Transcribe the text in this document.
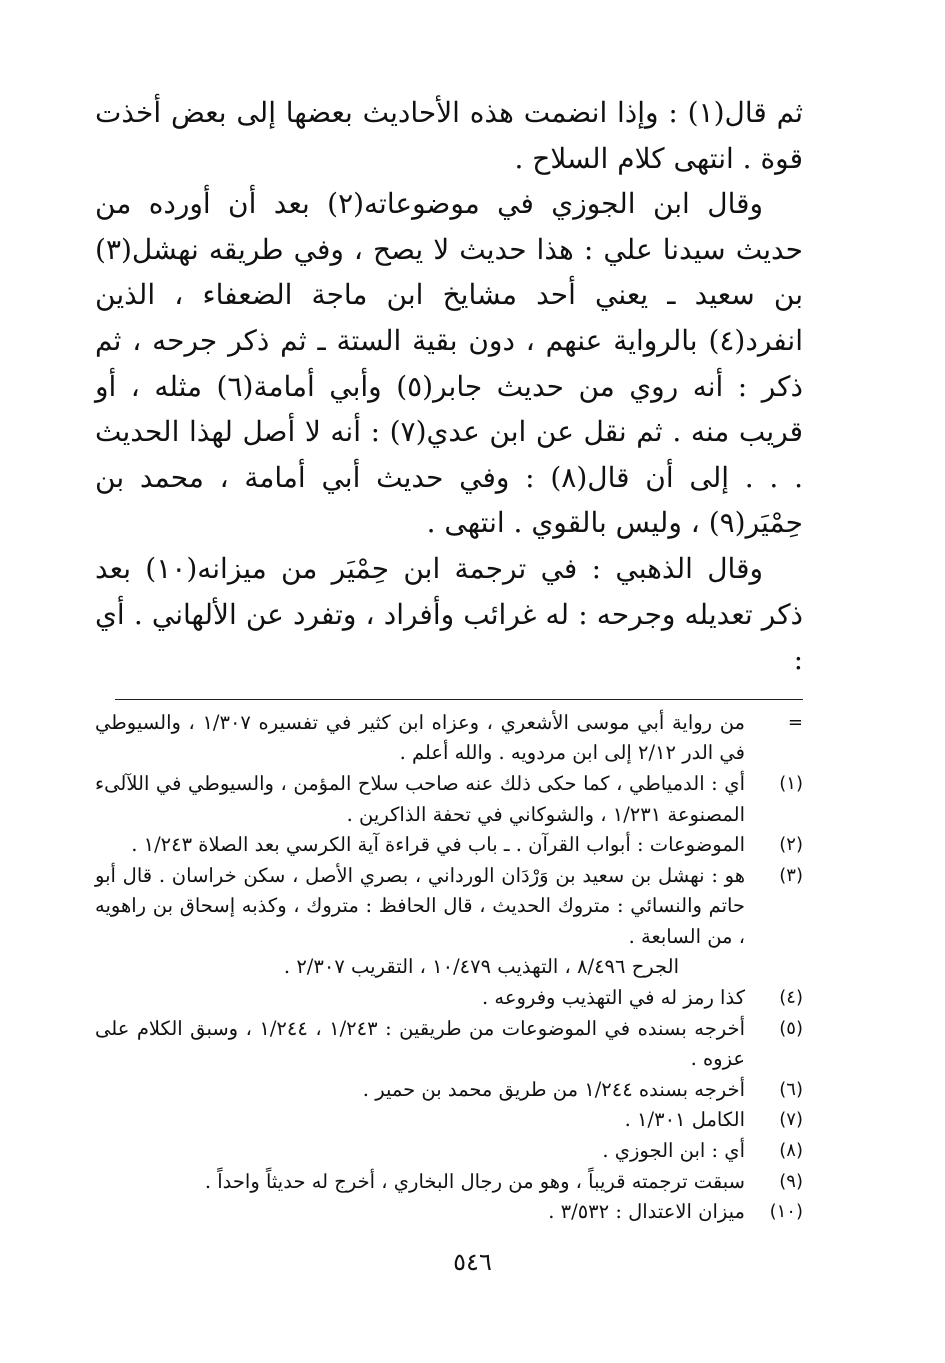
ثم قال(١) : وإذا انضمت هذه الأحاديث بعضها إلى بعض أخذت قوة . انتهى كلام السلاح .

وقال ابن الجوزي في موضوعاته(٢) بعد أن أورده من حديث سيدنا علي : هذا حديث لا يصح ، وفي طريقه نهشل(٣) بن سعيد ـ يعني أحد مشايخ ابن ماجة الضعفاء ، الذين انفرد(٤) بالرواية عنهم ، دون بقية الستة ـ ثم ذكر جرحه ، ثم ذكر : أنه روي من حديث جابر(٥) وأبي أمامة(٦) مثله ، أو قريب منه . ثم نقل عن ابن عدي(٧) : أنه لا أصل لهذا الحديث . . . إلى أن قال(٨) : وفي حديث أبي أمامة ، محمد بن حِمْيَر(٩) ، وليس بالقوي . انتهى .

وقال الذهبي : في ترجمة ابن حِمْيَر من ميزانه(١٠) بعد ذكر تعديله وجرحه : له غرائب وأفراد ، وتفرد عن الألهاني . أي :

=
من رواية أبي موسى الأشعري ، وعزاه ابن كثير في تفسيره ١/٣٠٧ ، والسيوطي في الدر ٢/١٢ إلى ابن مردويه . والله أعلم .
(١)
أي : الدمياطي ، كما حكى ذلك عنه صاحب سلاح المؤمن ، والسيوطي في اللآلىء المصنوعة ١/٢٣١ ، والشوكاني في تحفة الذاكرين .
(٢)
الموضوعات : أبواب القرآن . ـ باب في قراءة آية الكرسي بعد الصلاة ١/٢٤٣ .
(٣)
هو : نهشل بن سعيد بن وَرْدَان الورداني ، بصري الأصل ، سكن خراسان . قال أبو حاتم والنسائي : متروك الحديث ، قال الحافظ : متروك ، وكذبه إسحاق بن راهويه ، من السابعة .
الجرح ٨/٤٩٦ ، التهذيب ١٠/٤٧٩ ، التقريب ٢/٣٠٧ .
(٤)
كذا رمز له في التهذيب وفروعه .
(٥)
أخرجه بسنده في الموضوعات من طريقين : ١/٢٤٣ ، ١/٢٤٤ ، وسبق الكلام على عزوه .
(٦)
أخرجه بسنده ١/٢٤٤ من طريق محمد بن حمير .
(٧)
الكامل ١/٣٠١ .
(٨)
أي : ابن الجوزي .
(٩)
سبقت ترجمته قريباً ، وهو من رجال البخاري ، أخرج له حديثاً واحداً .
(١٠)
ميزان الاعتدال : ٣/٥٣٢ .
٥٤٦
